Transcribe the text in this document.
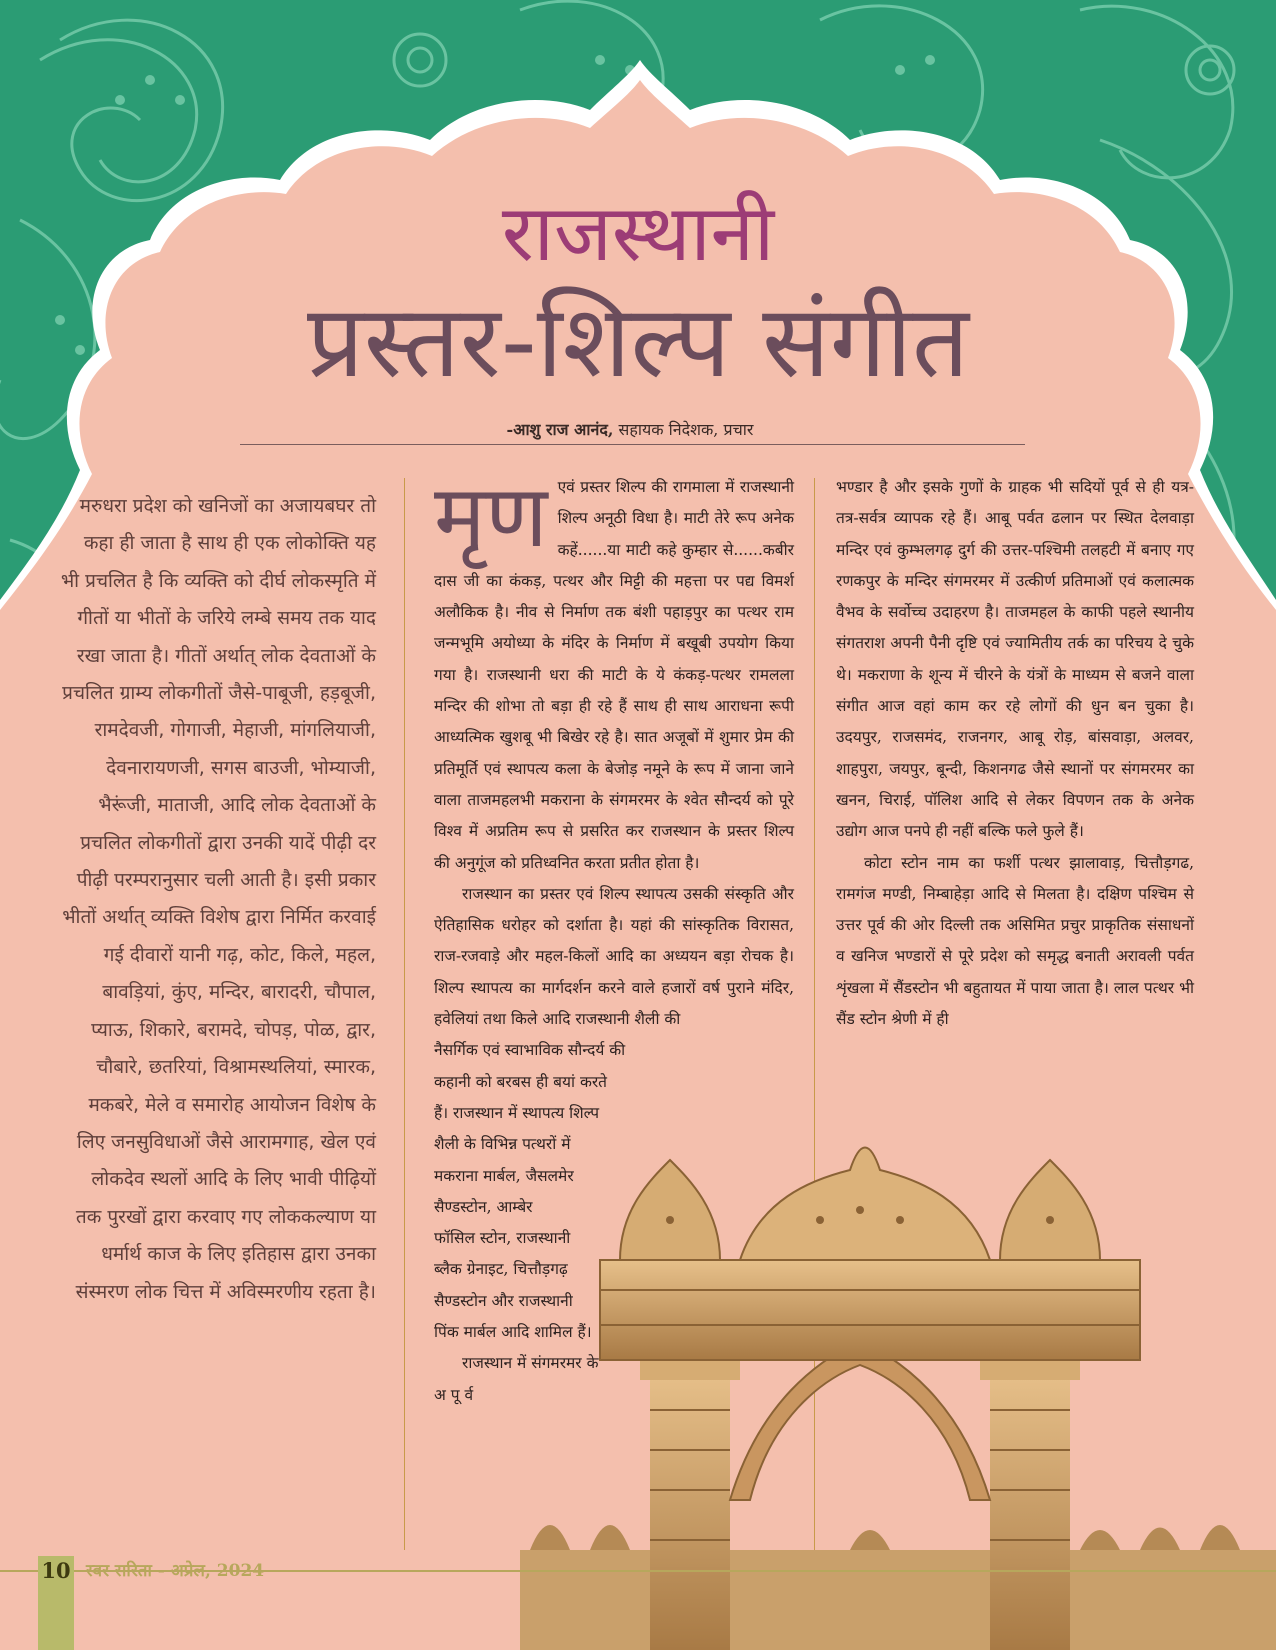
राजस्थानी
प्रस्तर-शिल्प संगीत
-आशु राज आनंद, सहायक निदेशक, प्रचार

मरुधरा प्रदेश को खनिजों का अजायबघर तो कहा ही जाता है साथ ही एक लोकोक्ति यह भी प्रचलित है कि व्यक्ति को दीर्घ लोकस्मृति में गीतों या भीतों के जरिये लम्बे समय तक याद रखा जाता है। गीतों अर्थात् लोक देवताओं के प्रचलित ग्राम्य लोकगीतों जैसे-पाबूजी, हड़बूजी, रामदेवजी, गोगाजी, मेहाजी, मांगलियाजी, देवनारायणजी, सगस बाउजी, भोम्याजी, भैरूंजी, माताजी, आदि लोक देवताओं के प्रचलित लोकगीतों द्वारा उनकी यादें पीढ़ी दर पीढ़ी परम्परानुसार चली आती है। इसी प्रकार भीतों अर्थात् व्यक्ति विशेष द्वारा निर्मित करवाई गई दीवारों यानी गढ़, कोट, किले, महल, बावड़ियां, कुंए, मन्दिर, बारादरी, चौपाल, प्याऊ, शिकारे, बरामदे, चोपड़, पोळ, द्वार, चौबारे, छतरियां, विश्रामस्थलियां, स्मारक, मकबरे, मेले व समारोह आयोजन विशेष के लिए जनसुविधाओं जैसे आरामगाह, खेल एवं लोकदेव स्थलों आदि के लिए भावी पीढ़ियों तक पुरखों द्वारा करवाए गए लोककल्याण या धर्मार्थ काज के लिए इतिहास द्वारा उनका संस्मरण लोक चित्त में अविस्मरणीय रहता है।

मृण एवं प्रस्तर शिल्प की रागमाला में राजस्थानी शिल्प अनूठी विधा है। माटी तेरे रूप अनेक कहें......या माटी कहे कुम्हार से......कबीर दास जी का कंकड़, पत्थर और मिट्टी की महत्ता पर पद्य विमर्श अलौकिक है। नीव से निर्माण तक बंशी पहाड़पुर का पत्थर राम जन्मभूमि अयोध्या के मंदिर के निर्माण में बखूबी उपयोग किया गया है। राजस्थानी धरा की माटी के ये कंकड़-पत्थर रामलला मन्दिर की शोभा तो बड़ा ही रहे हैं साथ ही साथ आराधना रूपी आध्यत्मिक खुशबू भी बिखेर रहे है। सात अजूबों में शुमार प्रेम की प्रतिमूर्ति एवं स्थापत्य कला के बेजोड़ नमूने के रूप में जाना जाने वाला ताजमहलभी मकराना के संगमरमर के श्वेत सौन्दर्य को पूरे विश्व में अप्रतिम रूप से प्रसरित कर राजस्थान के प्रस्तर शिल्प की अनुगूंज को प्रतिध्वनित करता प्रतीत होता है।

राजस्थान का प्रस्तर एवं शिल्प स्थापत्य उसकी संस्कृति और ऐतिहासिक धरोहर को दर्शाता है। यहां की सांस्कृतिक विरासत, राज-रजवाड़े और महल-किलों आदि का अध्ययन बड़ा रोचक है। शिल्प स्थापत्य का मार्गदर्शन करने वाले हजारों वर्ष पुराने मंदिर, हवेलियां तथा किले आदि राजस्थानी शैली की

नैसर्गिक एवं स्वाभाविक सौन्दर्य की
कहानी को बरबस ही बयां करते
हैं। राजस्थान में स्थापत्य शिल्प
शैली के विभिन्न पत्थरों में
मकराना मार्बल, जैसलमेर
सैण्डस्टोन, आम्बेर
फॉसिल स्टोन, राजस्थानी
ब्लैक ग्रेनाइट, चित्तौड़गढ़
सैण्डस्टोन और राजस्थानी
पिंक मार्बल आदि शामिल हैं।
राजस्थान में संगमरमर के
अ पू र्व

भण्डार है और इसके गुणों के ग्राहक भी सदियों पूर्व से ही यत्र-तत्र-सर्वत्र व्यापक रहे हैं। आबू पर्वत ढलान पर स्थित देलवाड़ा मन्दिर एवं कुम्भलगढ़ दुर्ग की उत्तर-पश्चिमी तलहटी में बनाए गए रणकपुर के मन्दिर संगमरमर में उत्कीर्ण प्रतिमाओं एवं कलात्मक वैभव के सर्वोच्च उदाहरण है। ताजमहल के काफी पहले स्थानीय संगतराश अपनी पैनी दृष्टि एवं ज्यामितीय तर्क का परिचय दे चुके थे। मकराणा के शून्य में चीरने के यंत्रों के माध्यम से बजने वाला संगीत आज वहां काम कर रहे लोगों की धुन बन चुका है। उदयपुर, राजसमंद, राजनगर, आबू रोड़, बांसवाड़ा, अलवर, शाहपुरा, जयपुर, बून्दी, किशनगढ जैसे स्थानों पर संगमरमर का खनन, चिराई, पॉलिश आदि से लेकर विपणन तक के अनेक उद्योग आज पनपे ही नहीं बल्कि फले फुले हैं।

कोटा स्टोन नाम का फर्शी पत्थर झालावाड़, चित्तौड़गढ, रामगंज मण्डी, निम्बाहेड़ा आदि से मिलता है। दक्षिण पश्चिम से उत्तर पूर्व की ओर दिल्ली तक असिमित प्रचुर प्राकृतिक संसाधनों व खनिज भण्डारों से पूरे प्रदेश को समृद्ध बनाती अरावली पर्वत शृंखला में सैंडस्टोन भी बहुतायत में पाया जाता है। लाल पत्थर भी सैंड स्टोन श्रेणी में ही

10 स्वर सरिता - अप्रेल, 2024
